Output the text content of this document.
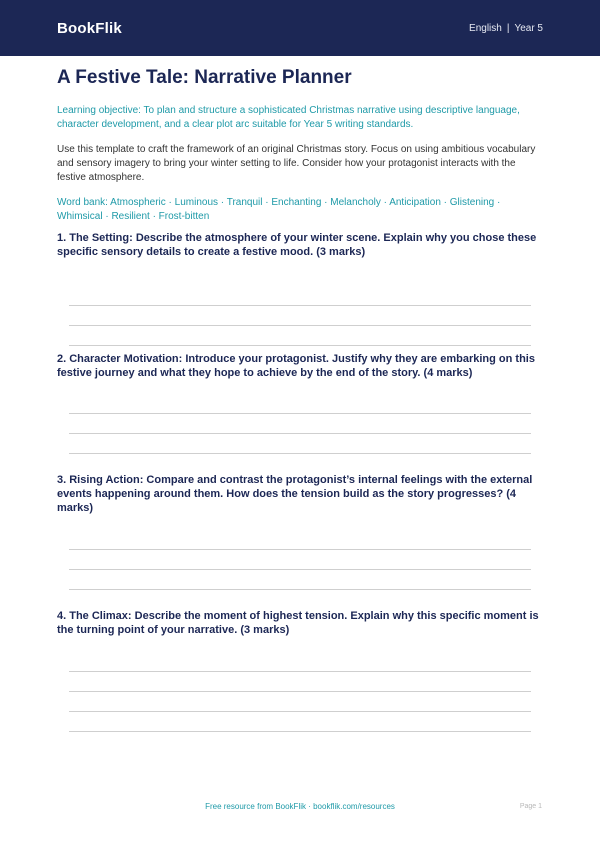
BookFlik	English | Year 5
A Festive Tale: Narrative Planner

Learning objective: To plan and structure a sophisticated Christmas narrative using descriptive language, character development, and a clear plot arc suitable for Year 5 writing standards.

Use this template to craft the framework of an original Christmas story. Focus on using ambitious vocabulary and sensory imagery to bring your winter setting to life. Consider how your protagonist interacts with the festive atmosphere.

Word bank: Atmospheric · Luminous · Tranquil · Enchanting · Melancholy · Anticipation · Glistening · Whimsical · Resilient · Frost-bitten

1. The Setting: Describe the atmosphere of your winter scene. Explain why you chose these specific sensory details to create a festive mood. (3 marks)
2. Character Motivation: Introduce your protagonist. Justify why they are embarking on this festive journey and what they hope to achieve by the end of the story. (4 marks)
3. Rising Action: Compare and contrast the protagonist’s internal feelings with the external events happening around them. How does the tension build as the story progresses? (4 marks)
4. The Climax: Describe the moment of highest tension. Explain why this specific moment is the turning point of your narrative. (3 marks)
Free resource from BookFlik · bookflik.com/resources	Page 1
